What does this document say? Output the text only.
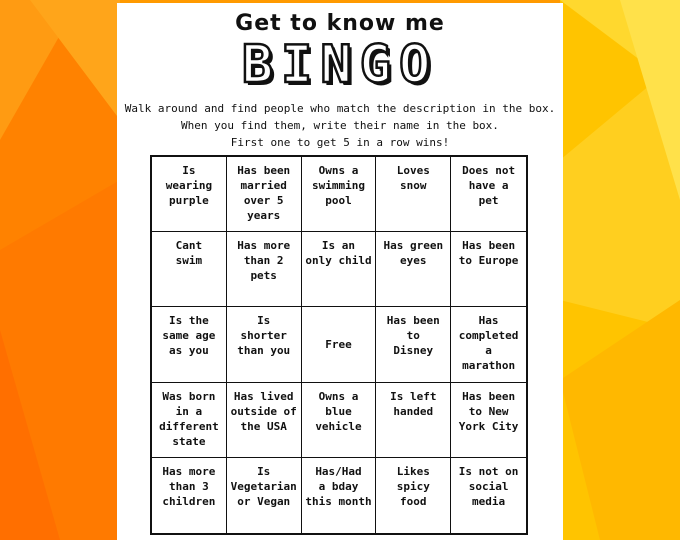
Get to know me
BINGO
Walk around and find people who match the description in the box.
When you find them, write their name in the box.
First one to get 5 in a row wins!
Is
wearing
purple
Has been
married
over 5
years
Owns a
swimming
pool
Loves
snow
Does not
have a
pet
Cant
swim
Has more
than 2
pets
Is an
only child
Has green
eyes
Has been
to Europe
Is the
same age
as you
Is
shorter
than you	Free
Has been
to
Disney
Has
completed
a
marathon
Was born
in a
different
state
Has lived
outside of
the USA
Owns a
blue
vehicle
Is left
handed
Has been
to New
York City
Has more
than 3
children
Is
Vegetarian
or Vegan
Has/Had
a bday
this month
Likes
spicy
food
Is not on
social
media
